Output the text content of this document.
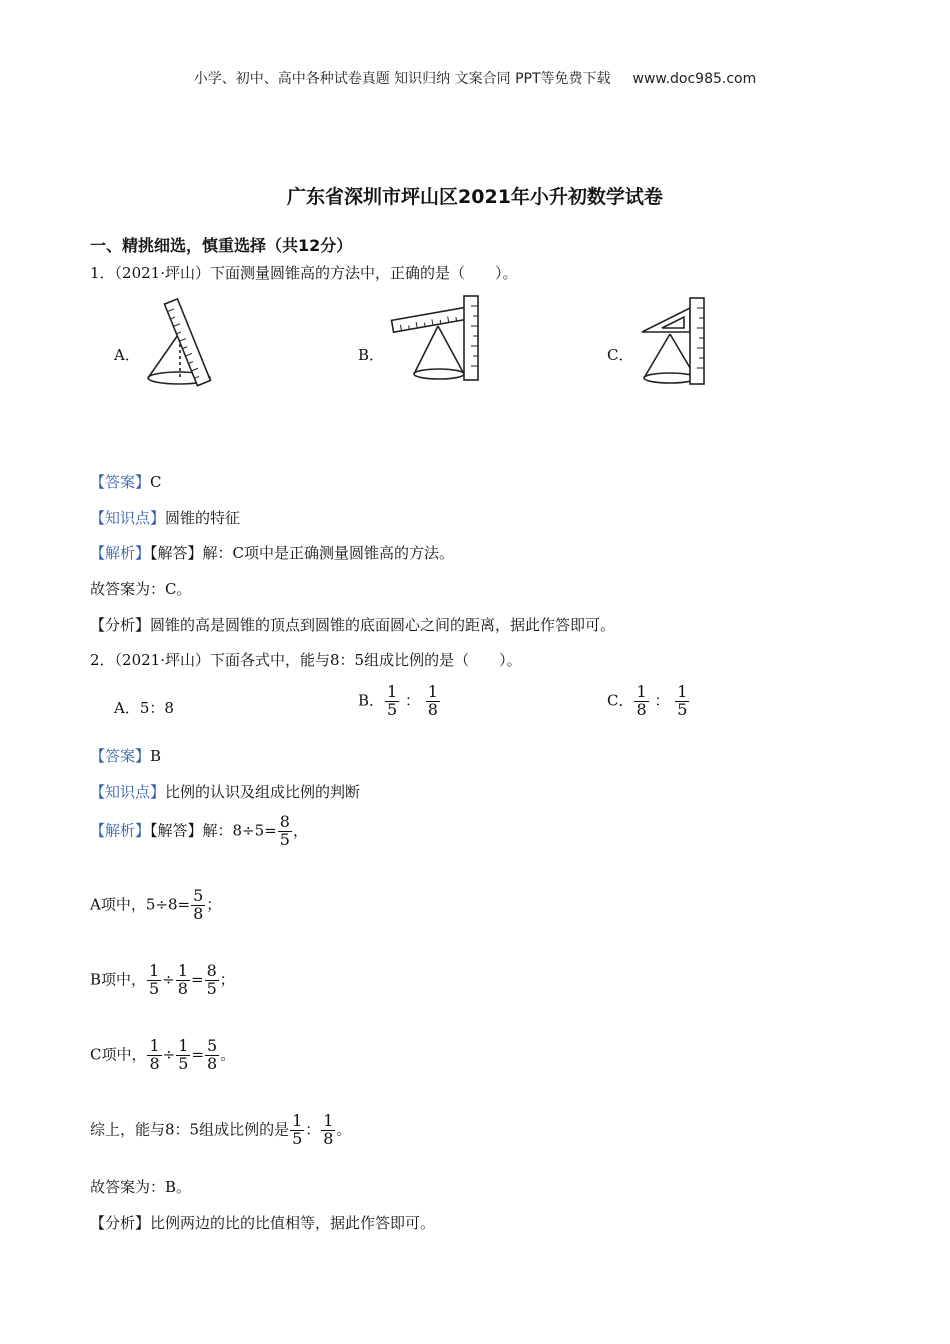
小学、初中、高中各种试卷真题 知识归纳 文案合同 PPT等免费下载 www.doc985.com
广东省深圳市坪山区2021年小升初数学试卷
一、精挑细选，慎重选择（共12分）
1．（2021·坪山）下面测量圆锥高的方法中，正确的是（　　）。
A．	B．	C．
【答案】C
【知识点】圆锥的特征
【解析】【解答】解：C项中是正确测量圆锥高的方法。
故答案为：C。
【分析】圆锥的高是圆锥的顶点到圆锥的底面圆心之间的距离，据此作答即可。
2．（2021·坪山）下面各式中，能与8：5组成比例的是（　　）。
A．5：8	B． $\frac{1}{5}$ ： $\frac{1}{8}$	C． $\frac{1}{8}$ ： $\frac{1}{5}$
【答案】B
【知识点】比例的认识及组成比例的判断
【解析】【解答】解：$8\div 5= \frac{8}{5}$ ，
A项中，$5\div 8= \frac{5}{8}$ ；
B项中， $\frac{1}{5} \div \frac{1}{8} = \frac{8}{5}$ ；
C项中， $\frac{1}{8} \div \frac{1}{5} = \frac{5}{8}$ 。
综上，能与8：5组成比例的是 $\frac{1}{5}$ ： $\frac{1}{8}$ 。
故答案为：B。
【分析】比例两边的比的比值相等，据此作答即可。
